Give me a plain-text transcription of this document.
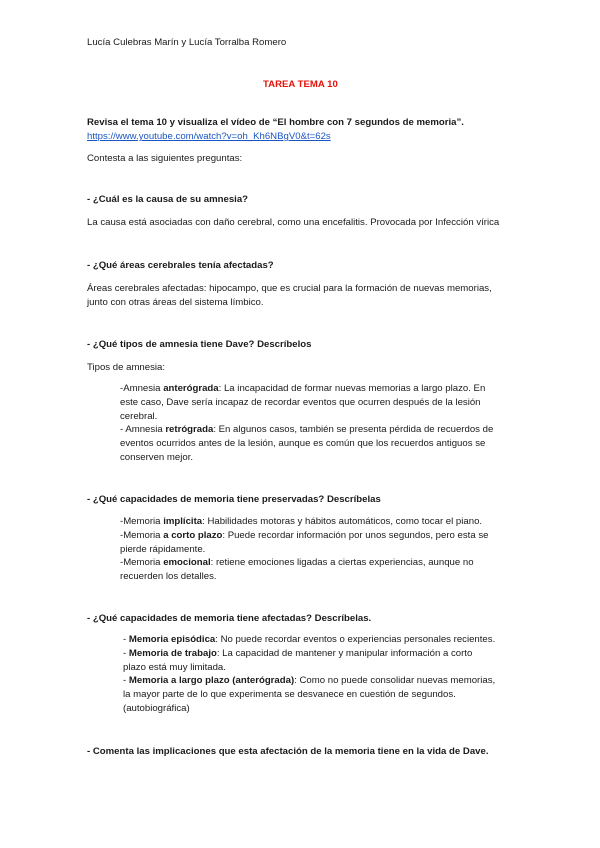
Lucía Culebras Marín y Lucía Torralba Romero

TAREA TEMA 10

Revisa el tema 10 y visualiza el vídeo de “El hombre con 7 segundos de memoria”.

https://www.youtube.com/watch?v=oh_Kh6NBgV0&t=62s

Contesta a las siguientes preguntas:

- ¿Cuál es la causa de su amnesia?

La causa está asociadas con daño cerebral, como una encefalitis. Provocada por Infección vírica

- ¿Qué áreas cerebrales tenía afectadas?

Áreas cerebrales afectadas: hipocampo, que es crucial para la formación de nuevas memorias,

junto con otras áreas del sistema límbico.

- ¿Qué tipos de amnesia tiene Dave? Descríbelos

Tipos de amnesia:

-Amnesia anterógrada: La incapacidad de formar nuevas memorias a largo plazo. En

este caso, Dave sería incapaz de recordar eventos que ocurren después de la lesión

cerebral.

- Amnesia retrógrada: En algunos casos, también se presenta pérdida de recuerdos de

eventos ocurridos antes de la lesión, aunque es común que los recuerdos antiguos se

conserven mejor.

- ¿Qué capacidades de memoria tiene preservadas? Descríbelas

-Memoria implícita: Habilidades motoras y hábitos automáticos, como tocar el piano.

-Memoria a corto plazo: Puede recordar información por unos segundos, pero esta se

pierde rápidamente.

-Memoria emocional: retiene emociones ligadas a ciertas experiencias, aunque no

recuerden los detalles.

- ¿Qué capacidades de memoria tiene afectadas? Descríbelas.

- Memoria episódica: No puede recordar eventos o experiencias personales recientes.

- Memoria de trabajo: La capacidad de mantener y manipular información a corto

plazo está muy limitada.

- Memoria a largo plazo (anterógrada): Como no puede consolidar nuevas memorias,

la mayor parte de lo que experimenta se desvanece en cuestión de segundos.

(autobiográfica)

- Comenta las implicaciones que esta afectación de la memoria tiene en la vida de Dave.
